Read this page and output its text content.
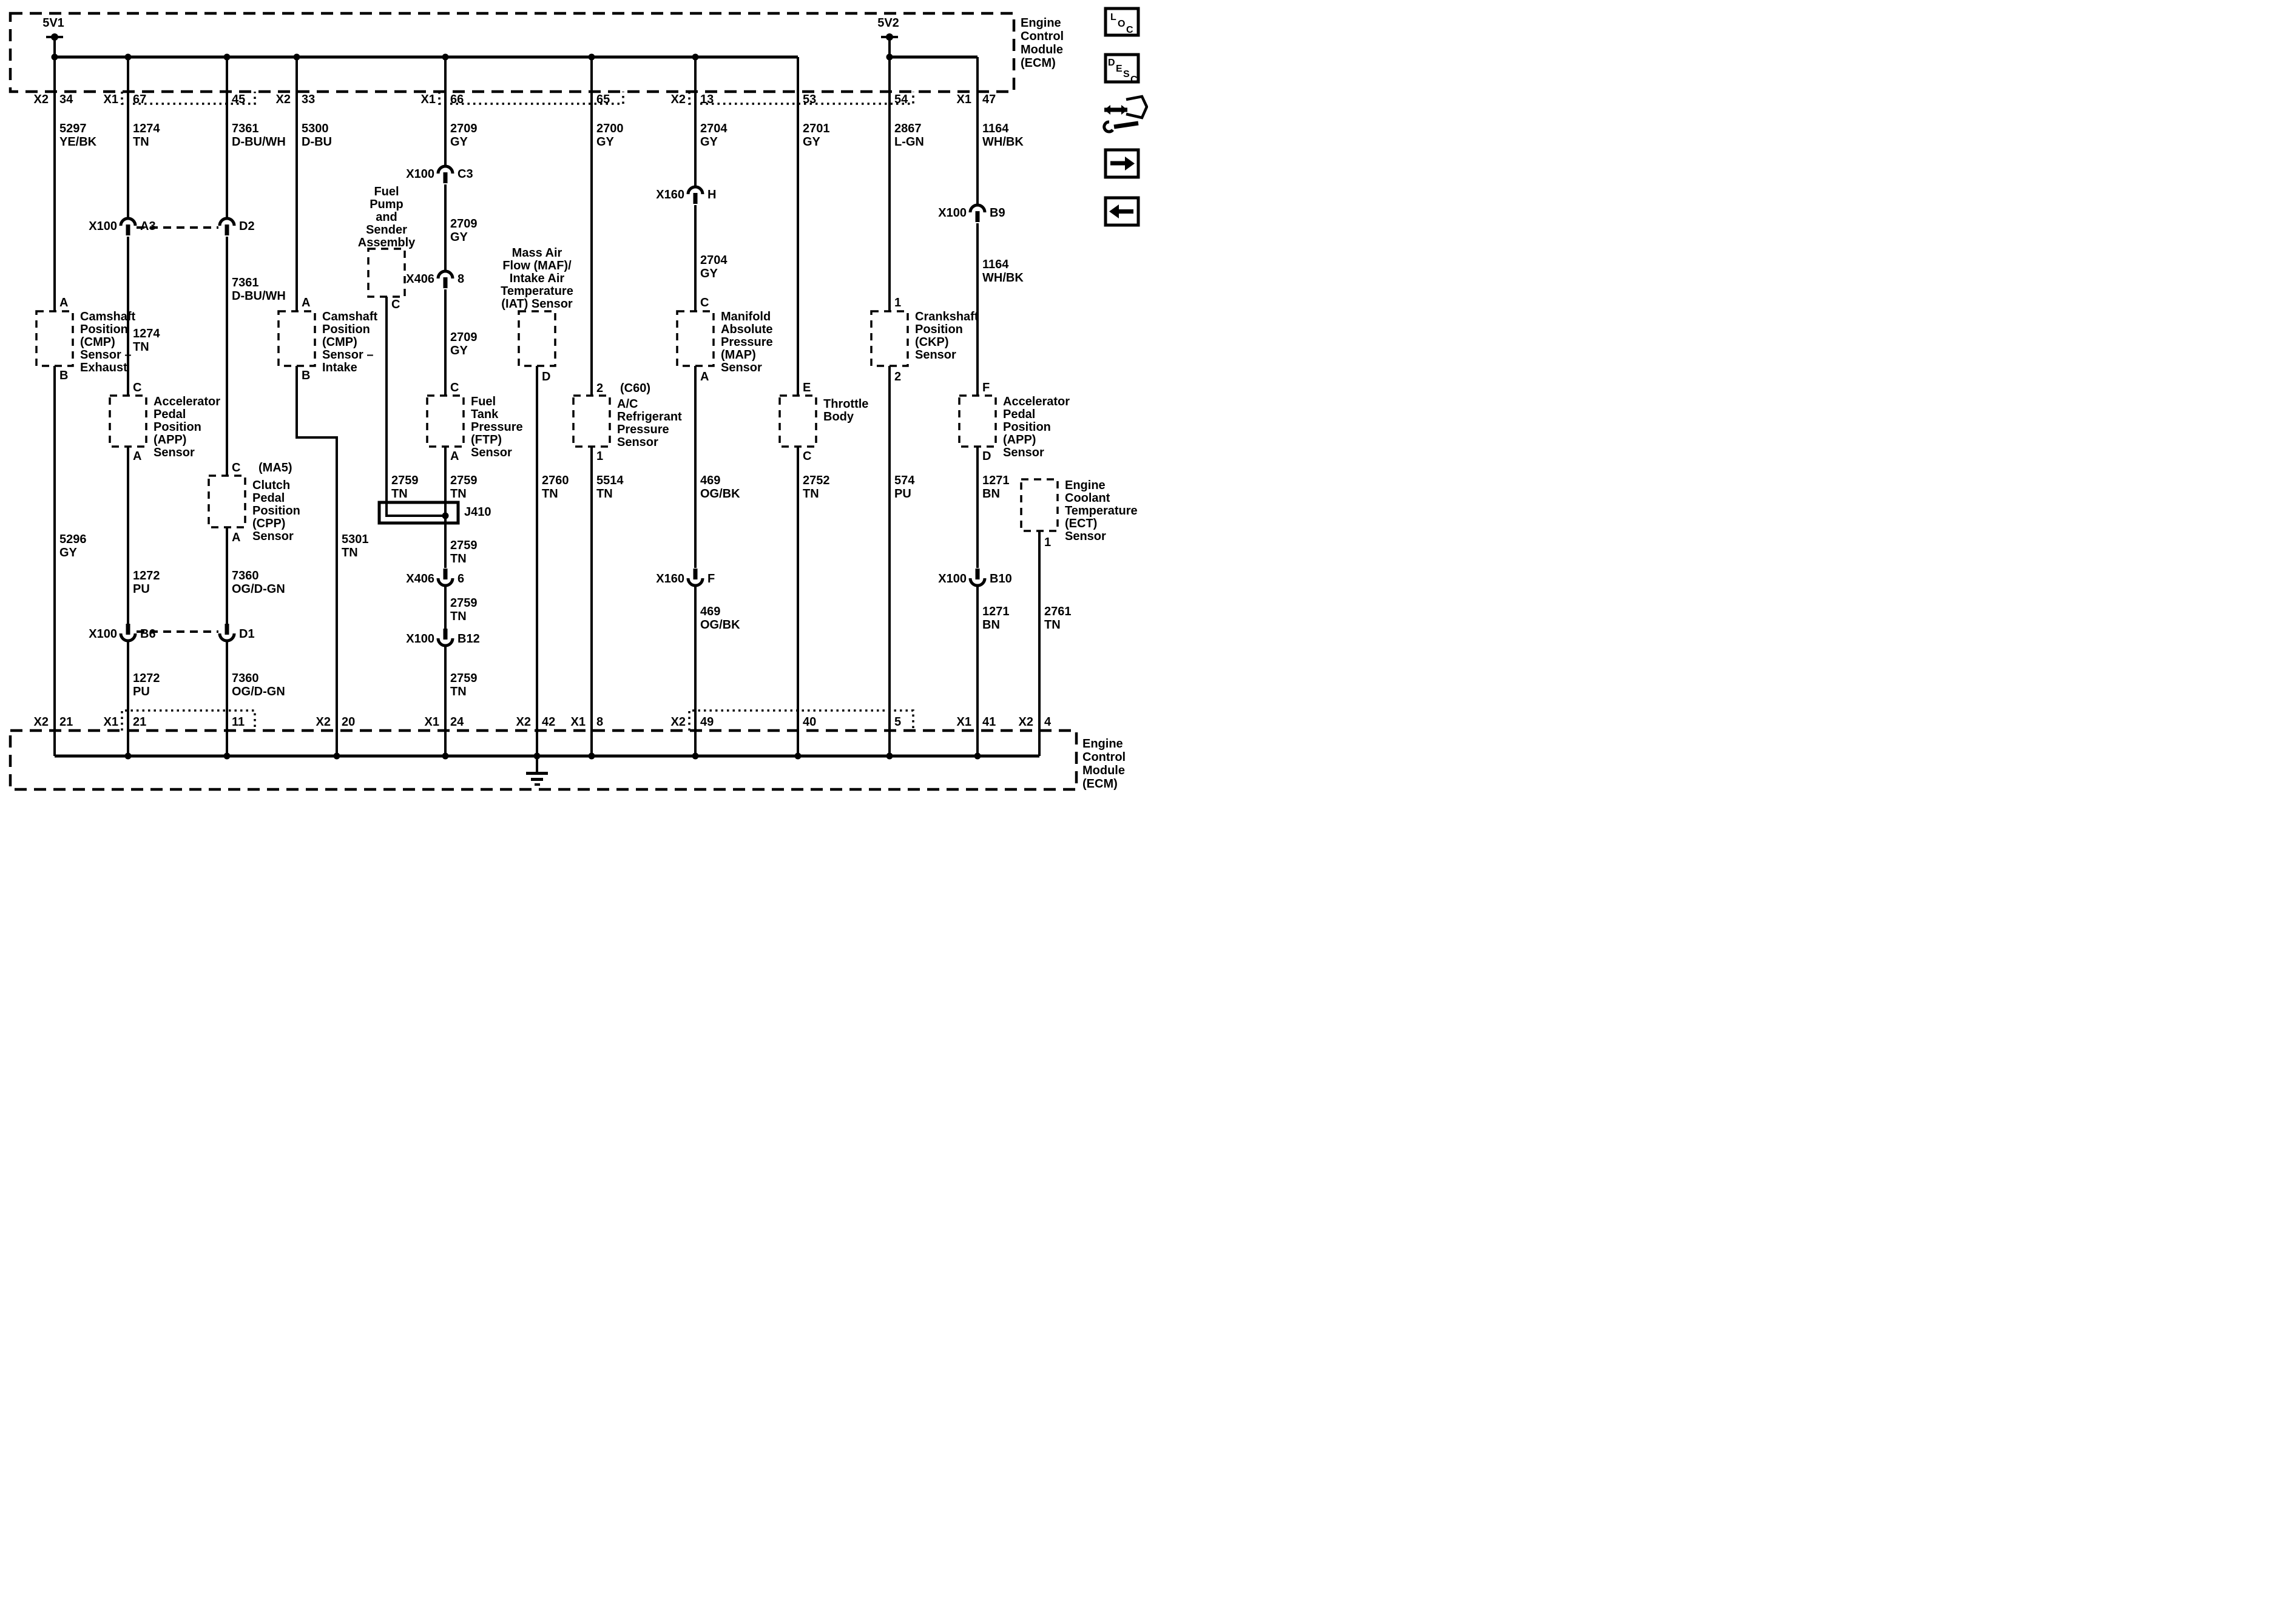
5V1	5V2
X100 A3	D2
X100 C3
X406 8
X160 H
X100 B9
X100 B6	D1
X406 6
X100 B12
X160 F	X100 B10
J410
A
B
A
B
C
A
C (MA5)
A
C
C
A
D
2 (C60)
1
C
A
E
C
1
2
F
D
1
Camshaft
Position
(CMP)
Sensor –
Exhaust
Camshaft
Position
(CMP)
Sensor –
Intake
Accelerator
Pedal
Position
(APP)
Sensor
Clutch
Pedal
Position
(CPP)
Sensor
Fuel
Pump
and
Sender
Assembly
Fuel
Tank
Pressure
(FTP)
Sensor
Mass Air
Flow (MAF)/
Intake Air
Temperature
(IAT) Sensor
A/C
Refrigerant
Pressure
Sensor
Manifold
Absolute
Pressure
(MAP)
Sensor
Throttle
Body
Crankshaft
Position
(CKP)
Sensor
Accelerator
Pedal
Position
(APP)
Sensor
Engine
Coolant
Temperature
(ECT)
Sensor
Engine
Control
Module
(ECM)
Engine
Control
Module
(ECM)
X2 34	X1 67	45	X2 33	X1 66	65	X2 13	53	54	X1 47
X2 21	X1 21	11	X2 20	X1 24	X2 42 X1 8	X2 49	40	5	X1 41 X2 4
5297
YE/BK
1274
TN
7361
D-BU/WH
5300
D-BU
2709
GY
2700
GY
2704
GY
2701
GY
2867
L-GN
1164
WH/BK
7361
D-BU/WH
1274
TN
2709
GY
2709
GY
2704
GY
1164
WH/BK
5296
GY
1272
PU
7360
OG/D-GN
5301
TN
2759
TN
2759
TN
2760
TN
5514
TN
469
OG/BK
2752
TN
574
PU
1271
BN
2759
TN
2759
TN	469
OG/BK
1271
BN
2761
TN
2759
TN
1272
PU
7360
OG/D-GN
L
O
C
D
E
S
C
